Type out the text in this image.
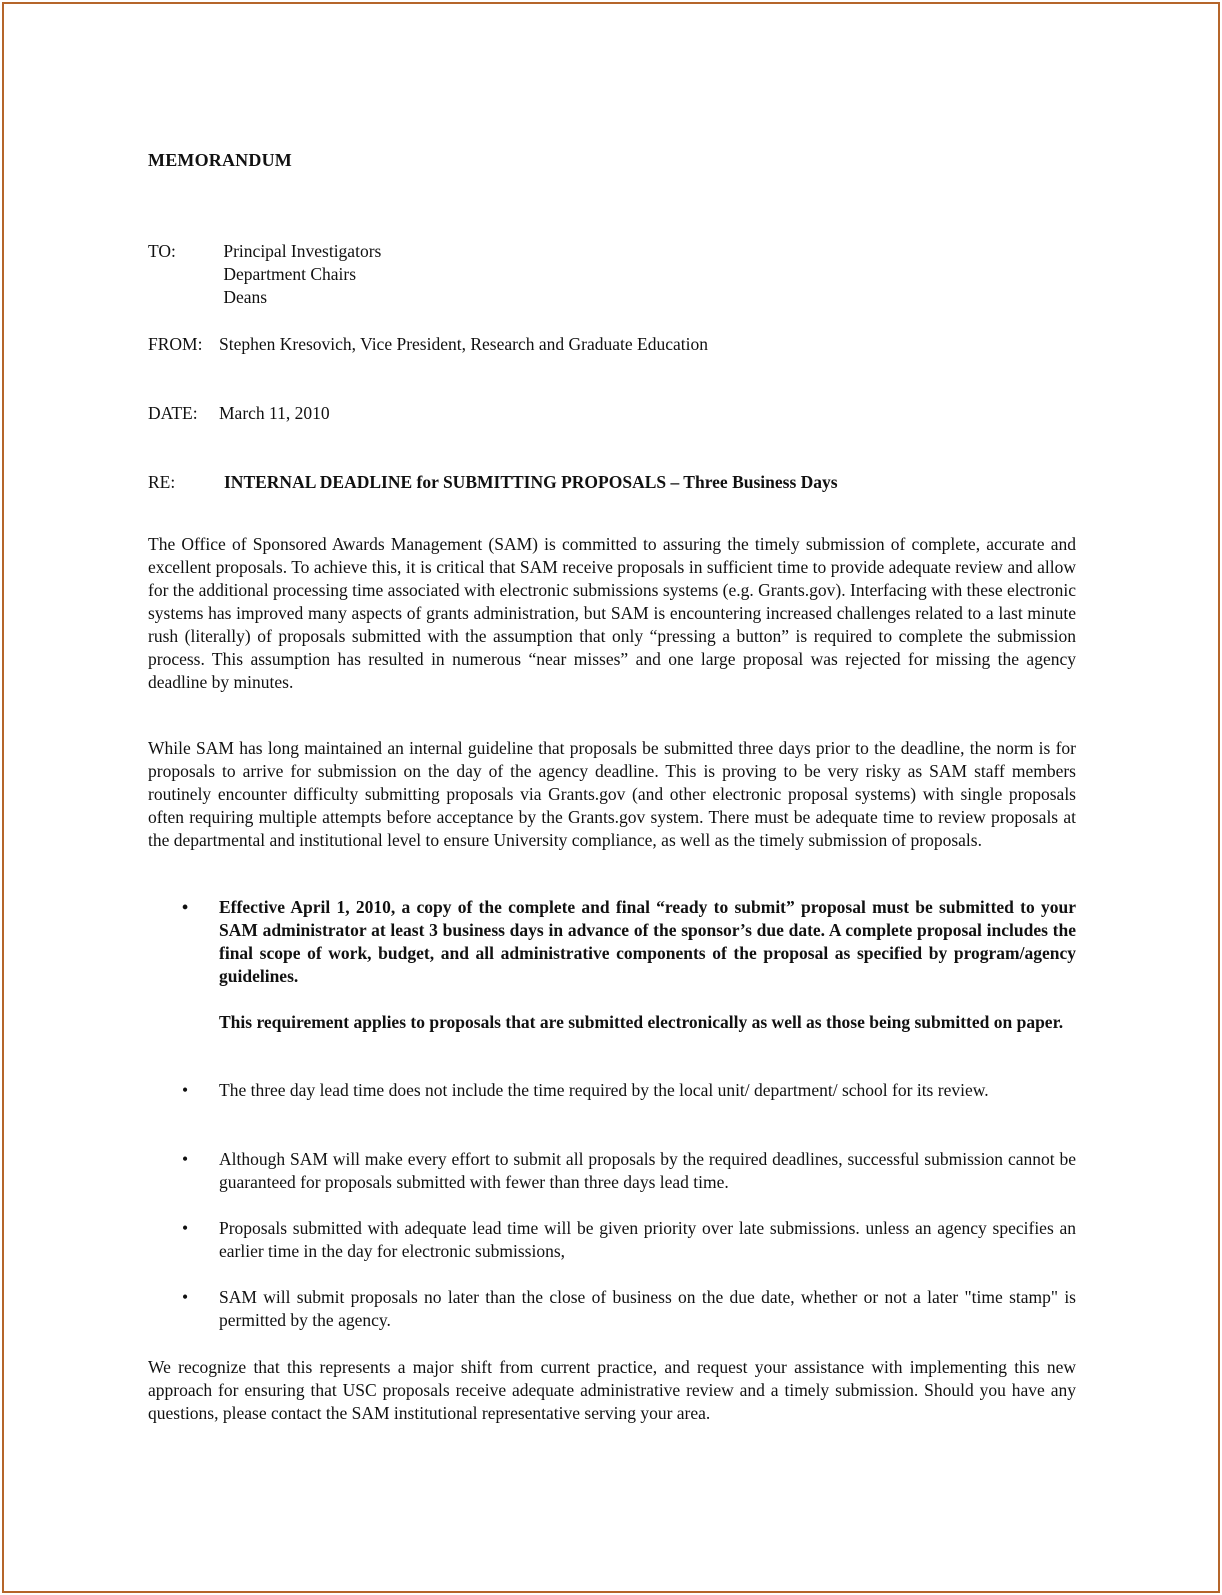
MEMORANDUM
TO:	Principal Investigators
Department Chairs
Deans
FROM: Stephen Kresovich, Vice President, Research and Graduate Education
DATE: March 11, 2010
RE:	INTERNAL DEADLINE for SUBMITTING PROPOSALS – Three Business Days

The Office of Sponsored Awards Management (SAM) is committed to assuring the timely submission of complete, accurate and excellent proposals. To achieve this, it is critical that SAM receive proposals in sufficient time to provide adequate review and allow for the additional processing time associated with electronic submissions systems (e.g. Grants.gov). Interfacing with these electronic systems has improved many aspects of grants administration, but SAM is encountering increased challenges related to a last minute rush (literally) of proposals submitted with the assumption that only “pressing a button” is required to complete the submission process. This assumption has resulted in numerous “near misses” and one large proposal was rejected for missing the agency deadline by minutes.

While SAM has long maintained an internal guideline that proposals be submitted three days prior to the deadline, the norm is for proposals to arrive for submission on the day of the agency deadline. This is proving to be very risky as SAM staff members routinely encounter difficulty submitting proposals via Grants.gov (and other electronic proposal systems) with single proposals often requiring multiple attempts before acceptance by the Grants.gov system. There must be adequate time to review proposals at the departmental and institutional level to ensure University compliance, as well as the timely submission of proposals.

• Effective April 1, 2010, a copy of the complete and final “ready to submit” proposal must be submitted to your SAM administrator at least 3 business days in advance of the sponsor’s due date. A complete proposal includes the final scope of work, budget, and all administrative components of the proposal as specified by program/agency guidelines.

This requirement applies to proposals that are submitted electronically as well as those being submitted on paper.

• The three day lead time does not include the time required by the local unit/ department/ school for its review.
• Although SAM will make every effort to submit all proposals by the required deadlines, successful submission cannot be guaranteed for proposals submitted with fewer than three days lead time.
• Proposals submitted with adequate lead time will be given priority over late submissions. unless an agency specifies an earlier time in the day for electronic submissions,
• SAM will submit proposals no later than the close of business on the due date, whether or not a later "time stamp" is permitted by the agency.

We recognize that this represents a major shift from current practice, and request your assistance with implementing this new approach for ensuring that USC proposals receive adequate administrative review and a timely submission. Should you have any questions, please contact the SAM institutional representative serving your area.
